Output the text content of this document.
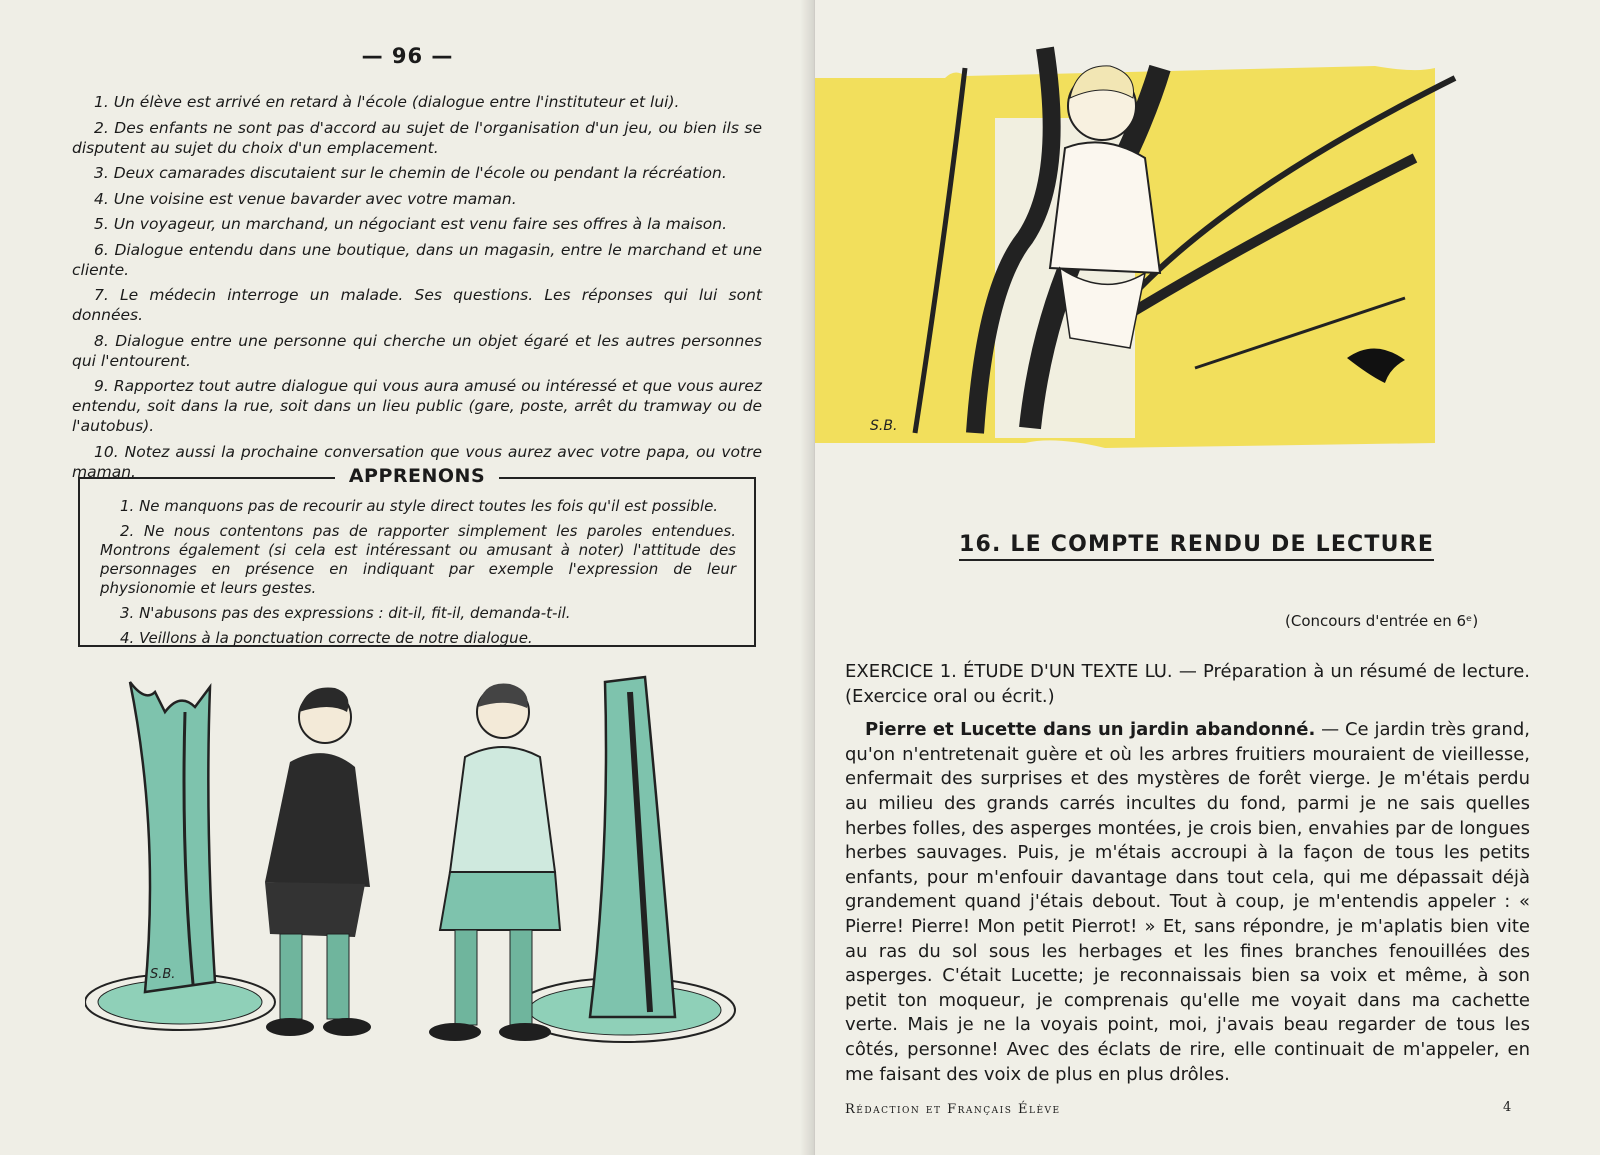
— 96 —

1. Un élève est arrivé en retard à l'école (dialogue entre l'instituteur et lui).

2. Des enfants ne sont pas d'accord au sujet de l'organisation d'un jeu, ou bien ils se disputent au sujet du choix d'un emplacement.

3. Deux camarades discutaient sur le chemin de l'école ou pendant la récréation.

4. Une voisine est venue bavarder avec votre maman.

5. Un voyageur, un marchand, un négociant est venu faire ses offres à la maison.

6. Dialogue entendu dans une boutique, dans un magasin, entre le marchand et une cliente.

7. Le médecin interroge un malade. Ses questions. Les réponses qui lui sont données.

8. Dialogue entre une personne qui cherche un objet égaré et les autres personnes qui l'entourent.

9. Rapportez tout autre dialogue qui vous aura amusé ou intéressé et que vous aurez entendu, soit dans la rue, soit dans un lieu public (gare, poste, arrêt du tramway ou de l'autobus).

10. Notez aussi la prochaine conversation que vous aurez avec votre papa, ou votre maman.	APPRENONS

1. Ne manquons pas de recourir au style direct toutes les fois qu'il est possible.

2. Ne nous contentons pas de rapporter simplement les paroles entendues. Montrons également (si cela est intéressant ou amusant à noter) l'attitude des personnages en présence en indiquant par exemple l'expression de leur physionomie et leurs gestes.

3. N'abusons pas des expressions : dit-il, fit-il, demanda-t-il.

4. Veillons à la ponctuation correcte de notre dialogue.

S.B.
S.B.
16. LE COMPTE RENDU DE LECTURE
(Concours d'entrée en 6ᵉ)

EXERCICE 1. ÉTUDE D'UN TEXTE LU. — Préparation à un résumé de lecture. (Exercice oral ou écrit.)

Pierre et Lucette dans un jardin abandonné. — Ce jardin très grand, qu'on n'entretenait guère et où les arbres fruitiers mouraient de vieillesse, enfermait des surprises et des mystères de forêt vierge. Je m'étais perdu au milieu des grands carrés incultes du fond, parmi je ne sais quelles herbes folles, des asperges montées, je crois bien, envahies par de longues herbes sauvages. Puis, je m'étais accroupi à la façon de tous les petits enfants, pour m'enfouir davantage dans tout cela, qui me dépassait déjà grandement quand j'étais debout. Tout à coup, je m'entendis appeler : « Pierre! Pierre! Mon petit Pierrot! » Et, sans répondre, je m'aplatis bien vite au ras du sol sous les herbages et les fines branches fenouillées des asperges. C'était Lucette; je reconnaissais bien sa voix et même, à son petit ton moqueur, je comprenais qu'elle me voyait dans ma cachette verte. Mais je ne la voyais point, moi, j'avais beau regarder de tous les côtés, personne! Avec des éclats de rire, elle continuait de m'appeler, en me faisant des voix de plus en plus drôles.

Rédaction et Français Élève	4
